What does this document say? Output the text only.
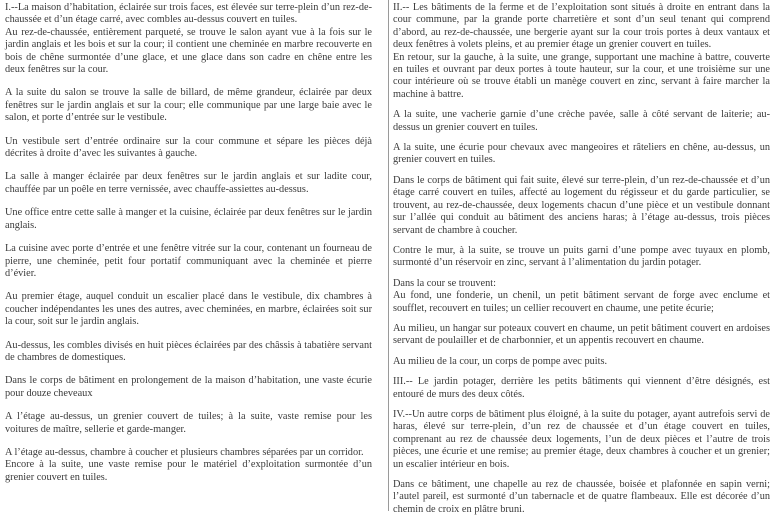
I.--La maison d’habitation, éclairée sur trois faces, est élevée sur terre-plein d’un rez-de-chaussée et d’un étage carré, avec combles au-dessus couvert en tuiles.

Au rez-de-chaussée, entièrement parqueté, se trouve le salon ayant vue à la fois sur le jardin anglais et les bois et sur la cour; il contient une cheminée en marbre recouverte en bois de chêne surmontée d’une glace, et une glace dans son cadre en chêne entre les deux fenêtres sur la cour.

A la suite du salon se trouve la salle de billard, de même grandeur, éclairée par deux fenêtres sur le jardin anglais et sur la cour; elle communique par une large baie avec le salon, et porte d’entrée sur le vestibule.

Un vestibule sert d’entrée ordinaire sur la cour commune et sépare les pièces déjà décrites à droite d’avec les suivantes à gauche.

La salle à manger éclairée par deux fenêtres sur le jardin anglais et sur ladite cour, chauffée par un poêle en terre vernissée, avec chauffe-assiettes au-dessus.

Une office entre cette salle à manger et la cuisine, éclairée par deux fenêtres sur le jardin anglais.

La cuisine avec porte d’entrée et une fenêtre vitrée sur la cour, contenant un fourneau de pierre, une cheminée, petit four portatif communiquant avec la cheminée et pierre d’évier.

Au premier étage, auquel conduit un escalier placé dans le vestibule, dix chambres à coucher indépendantes les unes des autres, avec cheminées, en marbre, éclairées soit sur la cour, soit sur le jardin anglais.

Au-dessus, les combles divisés en huit pièces éclairées par des châssis à tabatière servant de chambres de domestiques.

Dans le corps de bâtiment en prolongement de la maison d’habitation, une vaste écurie pour douze cheveaux

A l’étage au-dessus, un grenier couvert de tuiles; à la suite, vaste remise pour les voitures de maître, sellerie et garde-manger.

A l’étage au-dessus, chambre à coucher et plusieurs chambres séparées par un corridor.

Encore à la suite, une vaste remise pour le matériel d’exploitation surmontée d’un grenier couvert en tuiles.

II.-- Les bâtiments de la ferme et de l’exploitation sont situés à droite en entrant dans la cour commune, par la grande porte charretière et sont d’un seul tenant qui comprend d’abord, au rez-de-chaussée, une bergerie ayant sur la cour trois portes à deux vantaux et deux fenêtres à volets pleins, et au premier étage un grenier couvert en tuiles.

En retour, sur la gauche, à la suite, une grange, supportant une machine à battre, couverte en tuiles et ouvrant par deux portes à toute hauteur, sur la cour, et une troisième sur une cour intérieure où se trouve établi un manège couvert en zinc, servant à faire marcher la machine à battre.

A la suite, une vacherie garnie d’une crèche pavée, salle à côté servant de laiterie; au-dessus un grenier couvert en tuiles.

A la suite, une écurie pour chevaux avec mangeoires et râteliers en chêne, au-dessus, un grenier couvert en tuiles.

Dans le corps de bâtiment qui fait suite, élevé sur terre-plein, d’un rez-de-chaussée et d’un étage carré couvert en tuiles, affecté au logement du régisseur et du garde particulier, se trouvent, au rez-de-chaussée, deux logements chacun d’une pièce et un vestibule donnant sur l’allée qui conduit au bâtiment des anciens haras; à l’étage au-dessus, trois pièces servant de chambre à coucher.

Contre le mur, à la suite, se trouve un puits garni d’une pompe avec tuyaux en plomb, surmonté d’un réservoir en zinc, servant à l’alimentation du jardin potager.

Dans la cour se trouvent:

Au fond, une fonderie, un chenil, un petit bâtiment servant de forge avec enclume et soufflet, recouvert en tuiles; un cellier recouvert en chaume, une petite écurie;

Au milieu, un hangar sur poteaux couvert en chaume, un petit bâtiment couvert en ardoises servant de poulailler et de charbonnier, et un appentis recouvert en chaume.

Au milieu de la cour, un corps de pompe avec puits.

III.-- Le jardin potager, derrière les petits bâtiments qui viennent d’être désignés, est entouré de murs des deux côtés.

IV.--Un autre corps de bâtiment plus éloigné, à la suite du potager, ayant autrefois servi de haras, élevé sur terre-plein, d’un rez de chaussée et d’un étage couvert en tuiles, comprenant au rez de chaussée deux logements, l’un de deux pièces et l’autre de trois pièces, une écurie et une remise; au premier étage, deux chambres à coucher et un grenier; un escalier intérieur en bois.

Dans ce bâtiment, une chapelle au rez de chaussée, boisée et plafonnée en sapin verni; l’autel pareil, est surmonté d’un tabernacle et de quatre flambeaux. Elle est décorée d’un chemin de croix en plâtre bruni.
